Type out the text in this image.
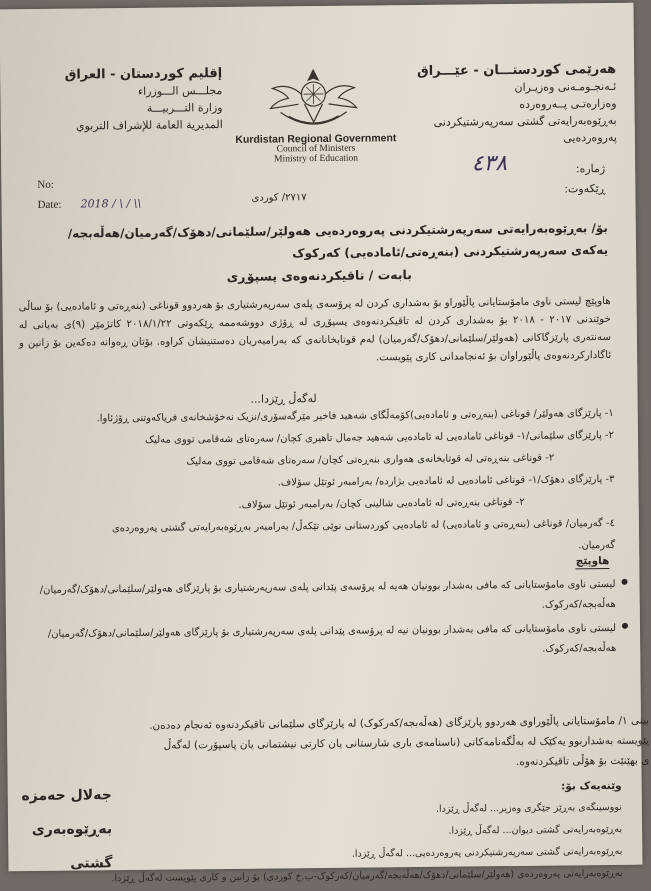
إقليم كوردستان - العراق
مجلـــس الـــوزراء
وزارة التـــربيـــة
المديرية العامة للإشراف التربوي
Kurdistan Regional Government
Council of Ministers
Ministry of Education
هەرێمی کوردستـــان - عێـــراق
ئـەنجـومـەنی وەزیـران
وەزارەتـی پــەروەردە
بەڕێوەبەرایەتی گشتی سەرپەرشتیکردنی پەروەردەیی
No:
Date: 2018 / \ / \\	٢٧١٧/ کوردی
ژمارە:
ڕێکەوت:
٤٣٨
بۆ/ بەڕێوەبەرایەتی سەرپەرشتیکردنی پەروەردەیی هەولێر/سلێمانی/دهۆک/گەرمیان/هەڵەبجە/
یەکەی سەرپەرشتیکردنی (بنەڕەتی/ئامادەیی) کەرکوک
بابەت / تاقیکردنەوەی پسپۆڕی
هاوپێچ لیستی ناوی مامۆستایانی پاڵێوراو بۆ بەشداری کردن لە پرۆسەی پلەی سەرپەرشتیاری بۆ هەردوو قوناغی (بنەڕەتی و ئامادەیی) بۆ ساڵی خوێندنی ٢٠١٧ - ٢٠١٨ بۆ بەشداری کردن لە تاقیکردنەوەی پسپۆڕی لە ڕۆژی دووشەممە ڕێکەوتی ٢٠١٨/١/٢٢ کاتژمێر (٩)ی بەیانی لە سەنتەری پارێزگاکانی (هەولێر/سلێمانی/دهۆک/گەرمیان) لەم قوتابخانانەی کە بەرامبەریان دەستنیشان کراوە. بۆتان ڕەوانە دەکەین بۆ زانین و ئاگادارکردنەوەی پاڵێوراوان بۆ ئەنجامدانی کاری پێویست.
لەگەڵ ڕێزدا...
١- پارێزگای هەولێر/ قوناغی (بنەڕەتی و ئامادەیی)کۆمەڵگای شەهید فاخیر مێرگەسۆری/نزیک نەخۆشخانەی فریاکەوتنی ڕۆژئاوا.
٢- پارێزگای سلێمانی/١- قوناغی ئامادەیی لە ئامادەیی شەهید جەمال تاهیری کچان/ سەرەتای شەقامی تووی مەلیک
٢- قوناغی بنەڕەتی لە قوتابخانەی هەواری بنەڕەتی کچان/ سەرەتای شەقامی تووی مەلیک
٣- پارێزگای دهۆک/١- قوناغی ئامادەیی لە ئامادەیی بژاردە/ بەرامبەر ئوتێل سۆلاف.
٢- قوناغی بنەڕەتی لە ئامادەیی شالینی کچان/ بەرامبەر ئوتێل سۆلاف.
٤- گەرمیان/ قوناغی (بنەڕەتی و ئامادەیی) لە ئامادەیی کوردستانی نوێی تێکەڵ/ بەرامبەر بەڕێوەبەرایەتی گشتی پەروەردەی
گەرمیان.
هاوپێچ
لیستی ناوی مامۆستایانی کە مافی بەشدار بوونیان هەیە لە پرۆسەی پێدانی پلەی سەرپەرشتیاری بۆ پارێزگای هەولێر/سلێمانی/دهۆک/گەرمیان/هەڵەبجە/کەرکوک.
لیستی ناوی مامۆستایانی کە مافی بەشدار بوونیان نیە لە پرۆسەی پێدانی پلەی سەرپەرشتیاری بۆ پارێزگای هەولێر/سلێمانی/دهۆک/گەرمیان/هەڵەبجە/کەرکوک.
بینی ١/ مامۆستایانی پاڵێوراوی هەردوو پارێزگای (هەڵەبجە/کەرکوک) لە پارێزگای سلێمانی تاقیکردنەوە ئەنجام دەدەن.
پێویستە بەشداربوو یەکێک لە بەڵگەنامەکانی (ناسنامەی باری شارستانی یان کارتی نیشتمانی یان پاسپۆرت) لەگەڵ
ی بهێنێت بۆ هۆڵی تاقیکردنەوە.
جەلال حەمزە
بەڕێوەبەری گشتی
وێنەیەک بۆ:
نووسینگەی بەڕێز جێگری وەزیر... لەگەڵ ڕێزدا.
بەڕێوەبەرایەتی گشتی دیوان... لەگەڵ ڕێزدا.
بەڕێوەبەرایەتی گشتی سەرپەرشتیکردنی پەروەردەیی... لەگەڵ ڕێزدا.
بەڕێوەبەرایەتی پەروەردەی (هەولێر/سلێمانی/دهۆک/هەڵەبجە/گەرمیان/کەرکوک-ب.خ کوردی) بۆ زانین و کاری پێویست لەگەڵ ڕێزدا.
